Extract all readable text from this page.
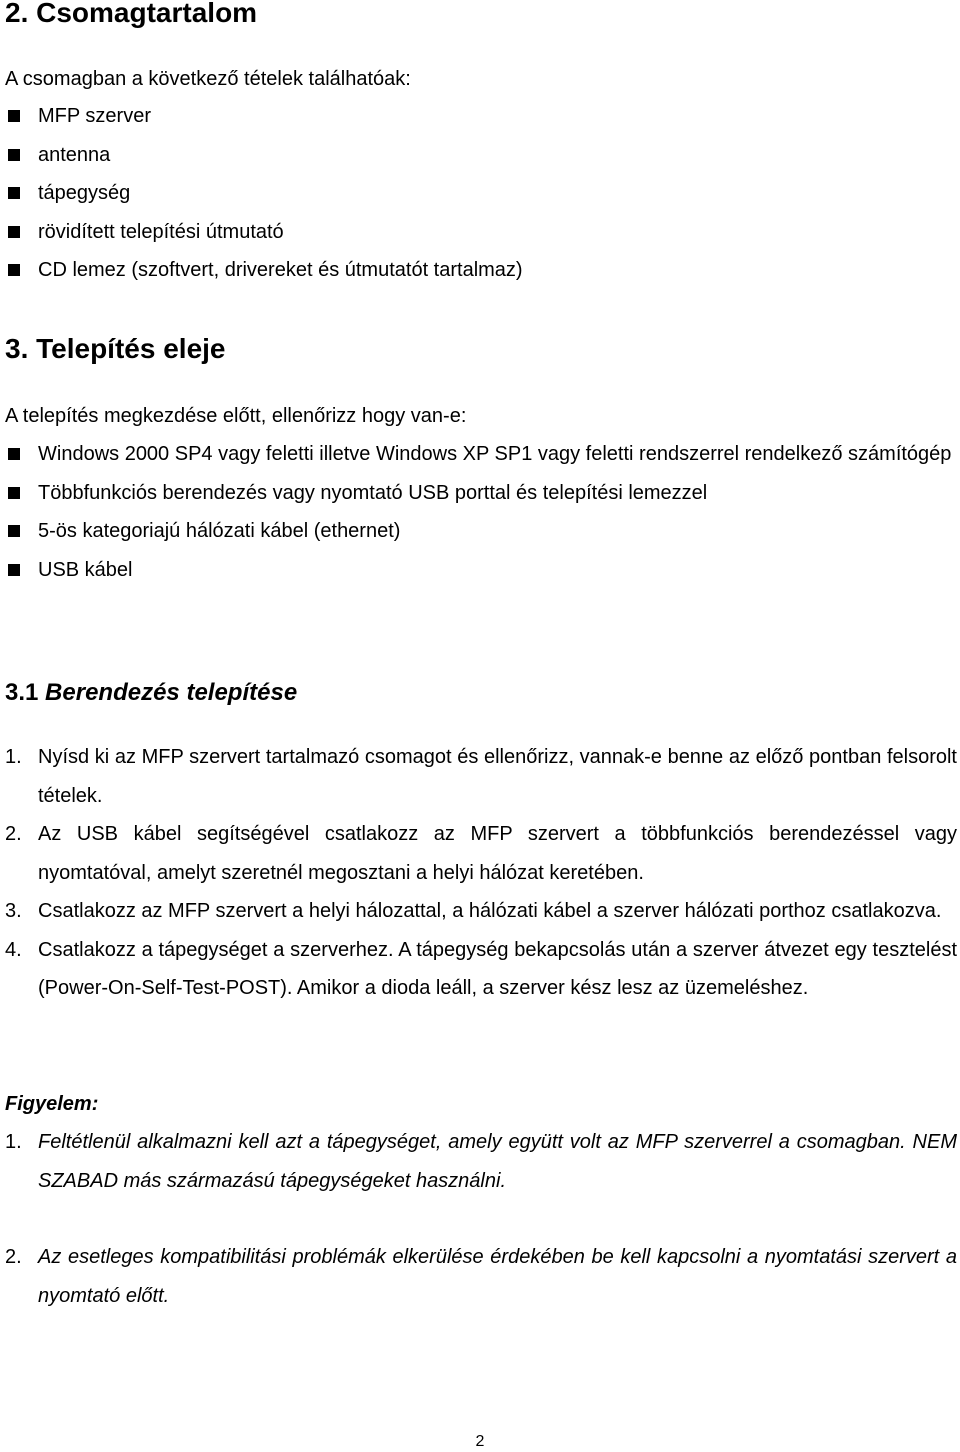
2. Csomagtartalom

A csomagban a következő tételek találhatóak:

MFP szerver
antenna
tápegység
rövidített telepítési útmutató
CD lemez (szoftvert, drivereket és útmutatót tartalmaz)
3. Telepítés eleje

A telepítés megkezdése előtt, ellenőrizz hogy van-e:

Windows 2000 SP4 vagy feletti illetve Windows XP SP1 vagy feletti rendszerrel rendelkező számítógép
Többfunkciós berendezés vagy nyomtató USB porttal és telepítési lemezzel
5-ös kategoriajú hálózati kábel (ethernet)
USB kábel
3.1 Berendezés telepítése
1. Nyísd ki az MFP szervert tartalmazó csomagot és ellenőrizz, vannak-e benne az előző pontban felsorolt tételek.
2. Az USB kábel segítségével csatlakozz az MFP szervert a többfunkciós berendezéssel vagy nyomtatóval, amelyt szeretnél megosztani a helyi hálózat keretében.
3. Csatlakozz az MFP szervert a helyi hálozattal, a hálózati kábel a szerver hálózati porthoz csatlakozva.
4. Csatlakozz a tápegységet a szerverhez. A tápegység bekapcsolás után a szerver átvezet egy tesztelést (Power-On-Self-Test-POST). Amikor a dioda leáll, a szerver kész lesz az üzemeléshez.

Figyelem:

1. Feltétlenül alkalmazni kell azt a tápegységet, amely együtt volt az MFP szerverrel a csomagban. NEM SZABAD más származású tápegységeket használni.
2. Az esetleges kompatibilitási problémák elkerülése érdekében be kell kapcsolni a nyomtatási szervert a nyomtató előtt.

2
